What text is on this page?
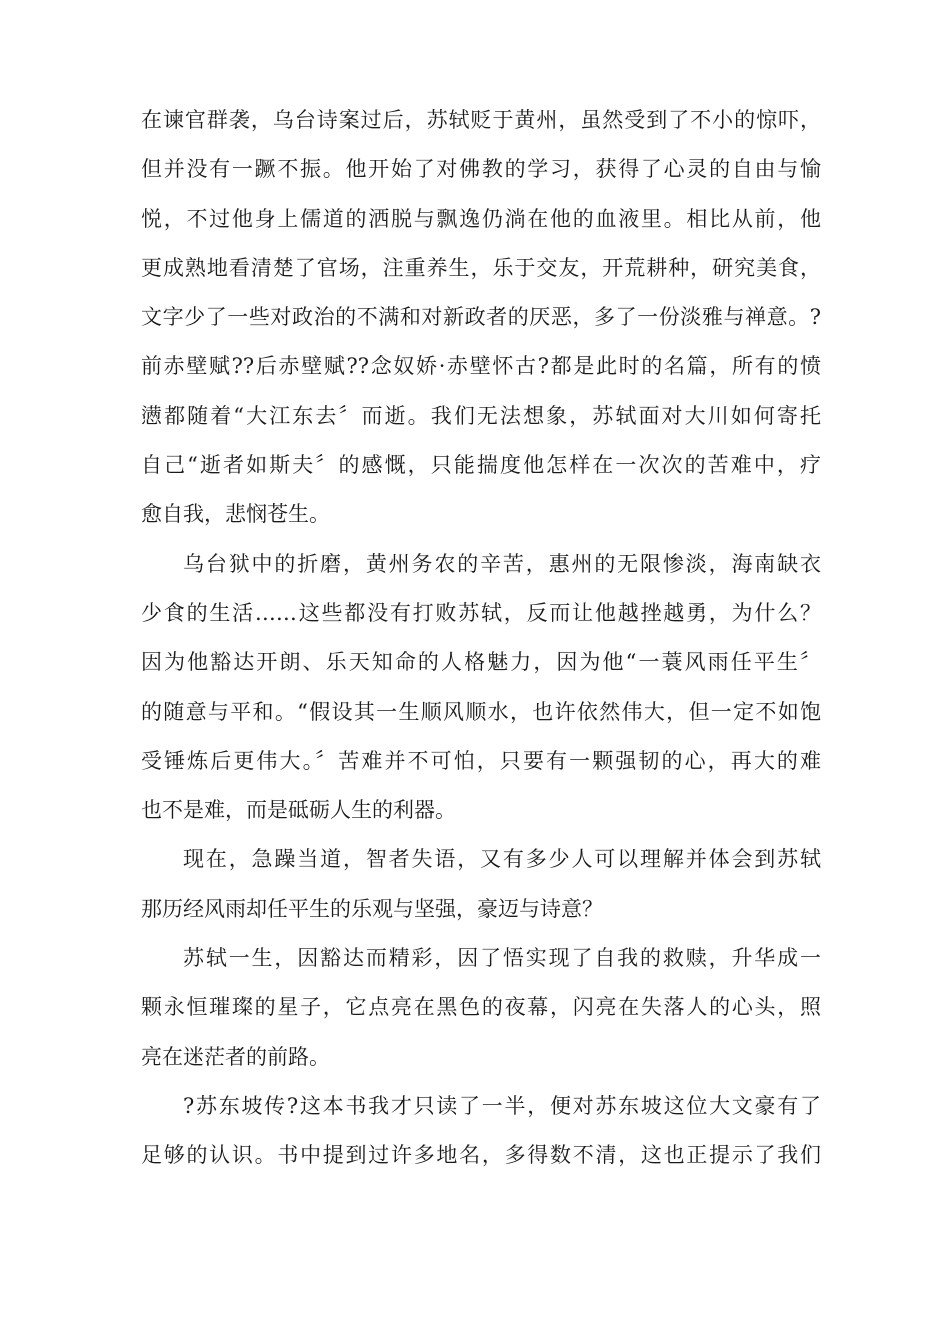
在谏官群袭，乌台诗案过后，苏轼贬于黄州，虽然受到了不小的惊吓，
但并没有一蹶不振。他开始了对佛教的学习，获得了心灵的自由与愉
悦，不过他身上儒道的洒脱与飘逸仍淌在他的血液里。相比从前，他
更成熟地看清楚了官场，注重养生，乐于交友，开荒耕种，研究美食，
文字少了一些对政治的不满和对新政者的厌恶，多了一份淡雅与禅意。?
前赤壁赋??后赤壁赋??念奴娇·赤壁怀古?都是此时的名篇，所有的愤
懑都随着“大江东去〞而逝。我们无法想象，苏轼面对大川如何寄托
自己“逝者如斯夫〞的感慨，只能揣度他怎样在一次次的苦难中，疗
愈自我，悲悯苍生。
乌台狱中的折磨，黄州务农的辛苦，惠州的无限惨淡，海南缺衣
少食的生活……这些都没有打败苏轼，反而让他越挫越勇，为什么？
因为他豁达开朗、乐天知命的人格魅力，因为他“一蓑风雨任平生〞
的随意与平和。“假设其一生顺风顺水，也许依然伟大，但一定不如饱
受锤炼后更伟大。〞苦难并不可怕，只要有一颗强韧的心，再大的难
也不是难，而是砥砺人生的利器。
现在，急躁当道，智者失语，又有多少人可以理解并体会到苏轼
那历经风雨却任平生的乐观与坚强，豪迈与诗意？
苏轼一生，因豁达而精彩，因了悟实现了自我的救赎，升华成一
颗永恒璀璨的星子，它点亮在黑色的夜幕，闪亮在失落人的心头，照
亮在迷茫者的前路。
?苏东坡传?这本书我才只读了一半，便对苏东坡这位大文豪有了
足够的认识。书中提到过许多地名，多得数不清，这也正提示了我们
